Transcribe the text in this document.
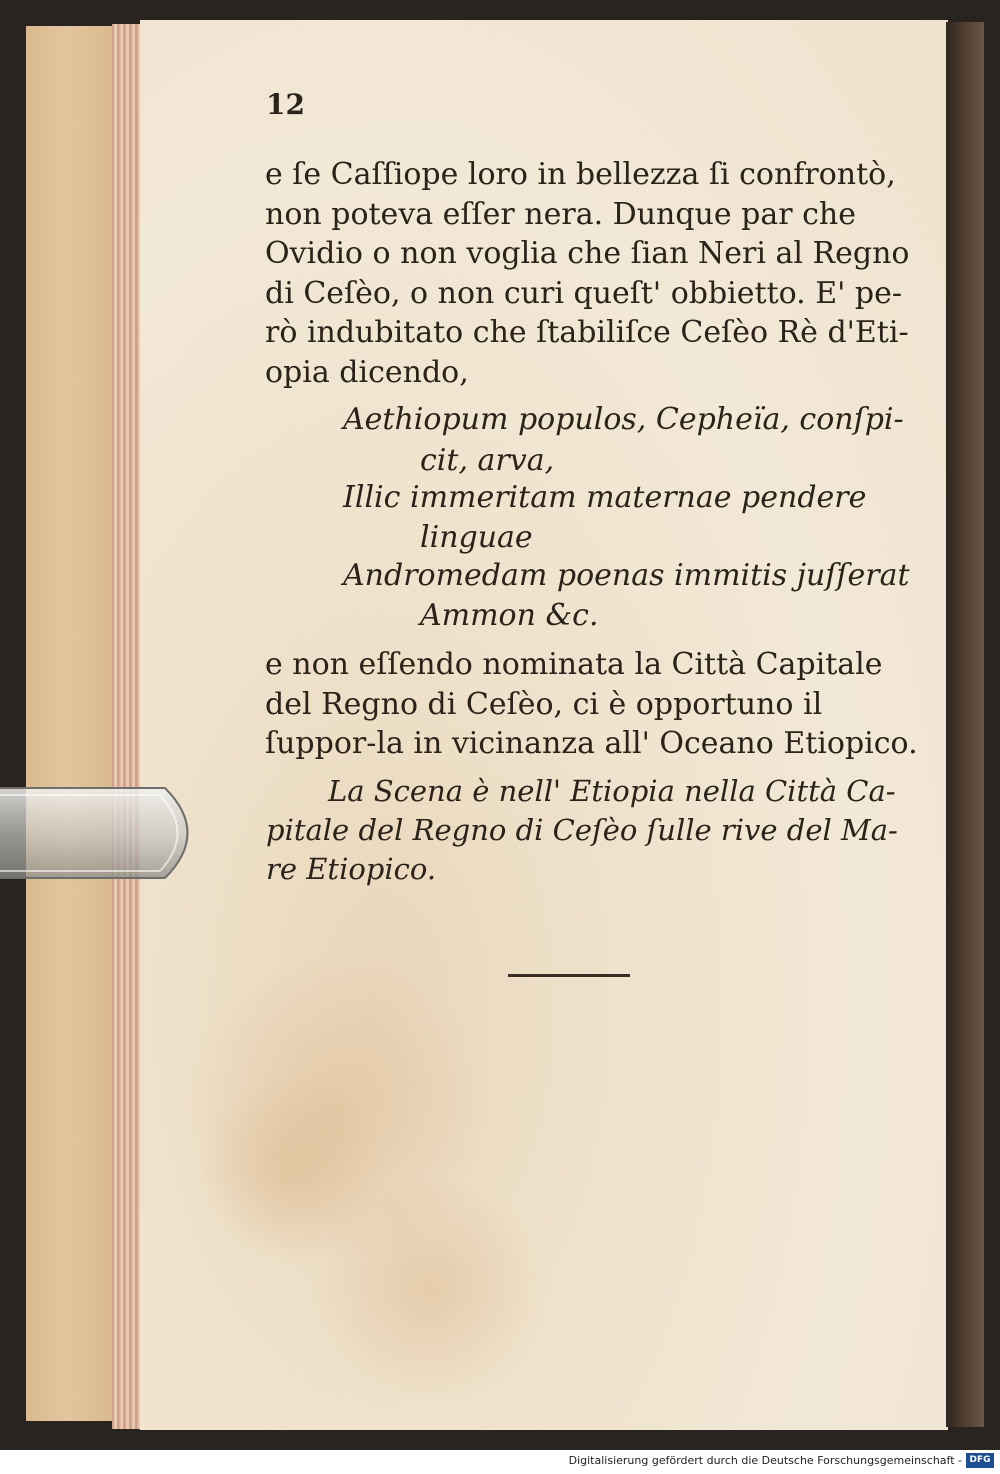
12

e ſe Caſſiope loro in bellezza ſi confrontò,
non poteva eſſer nera. Dunque par che
Ovidio o non voglia che ſian Neri al Regno
di Ceſèo, o non curi queſt' obbietto. E' pe-
rò indubitato che ſtabiliſce Ceſèo Rè d'Eti-
opia dicendo,

Aethiopum populos, Cepheïa, conſpi-
cit, arva,
Illic immeritam maternae pendere
linguae
Andromedam poenas immitis juſſerat
Ammon &c.

e non eſſendo nominata la Città Capitale
del Regno di Ceſèo, ci è opportuno il
ſuppor-la in vicinanza all' Oceano Etiopico.

La Scena è nell' Etiopia nella Città Ca-
pitale del Regno di Ceſèo ſulle rive del Ma-
re Etiopico.
Digitalisierung gefördert durch die Deutsche Forschungsgemeinschaft - DFG
